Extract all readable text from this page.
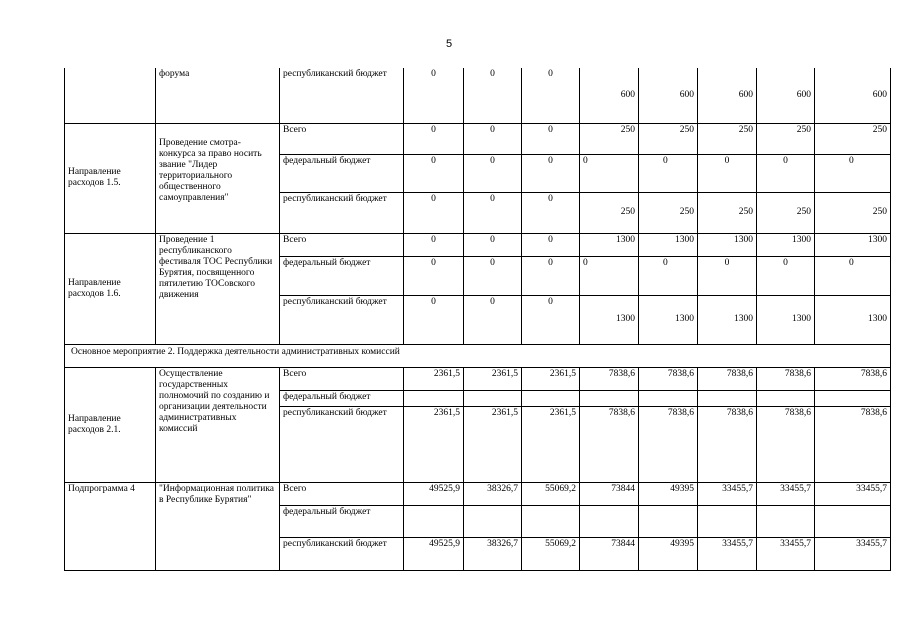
5
	форума	республиканский бюджет	0	0	0	600	600	600	600	600
Направление расходов 1.5.	Проведение смотра-конкурса за право носить звание "Лидер территориального общественного самоуправления"	Всего	0	0	0	250	250	250	250	250
		федеральный бюджет	0	0	0	0	0	0	0	0
		республиканский бюджет	0	0	0	250	250	250	250	250
Направление расходов 1.6.	Проведение 1 республиканского фестиваля ТОС Республики Бурятия, посвященного пятилетию ТОСовского движения	Всего	0	0	0	1300	1300	1300	1300	1300
		федеральный бюджет	0	0	0	0	0	0	0	0
		республиканский бюджет	0	0	0	1300	1300	1300	1300	1300
Основное мероприятие 2. Поддержка деятельности административных комиссий										
Направление расходов 2.1.	Осуществление государственных полномочий по созданию и организации деятельности административных комиссий	Всего	2361,5	2361,5	2361,5	7838,6	7838,6	7838,6	7838,6	7838,6
		федеральный бюджет								
		республиканский бюджет	2361,5	2361,5	2361,5	7838,6	7838,6	7838,6	7838,6	7838,6
Подпрограмма 4	"Информационная политика в Республике Бурятия"	Всего	49525,9	38326,7	55069,2	73844	49395	33455,7	33455,7	33455,7
		федеральный бюджет								
		республиканский бюджет	49525,9	38326,7	55069,2	73844	49395	33455,7	33455,7	33455,7
